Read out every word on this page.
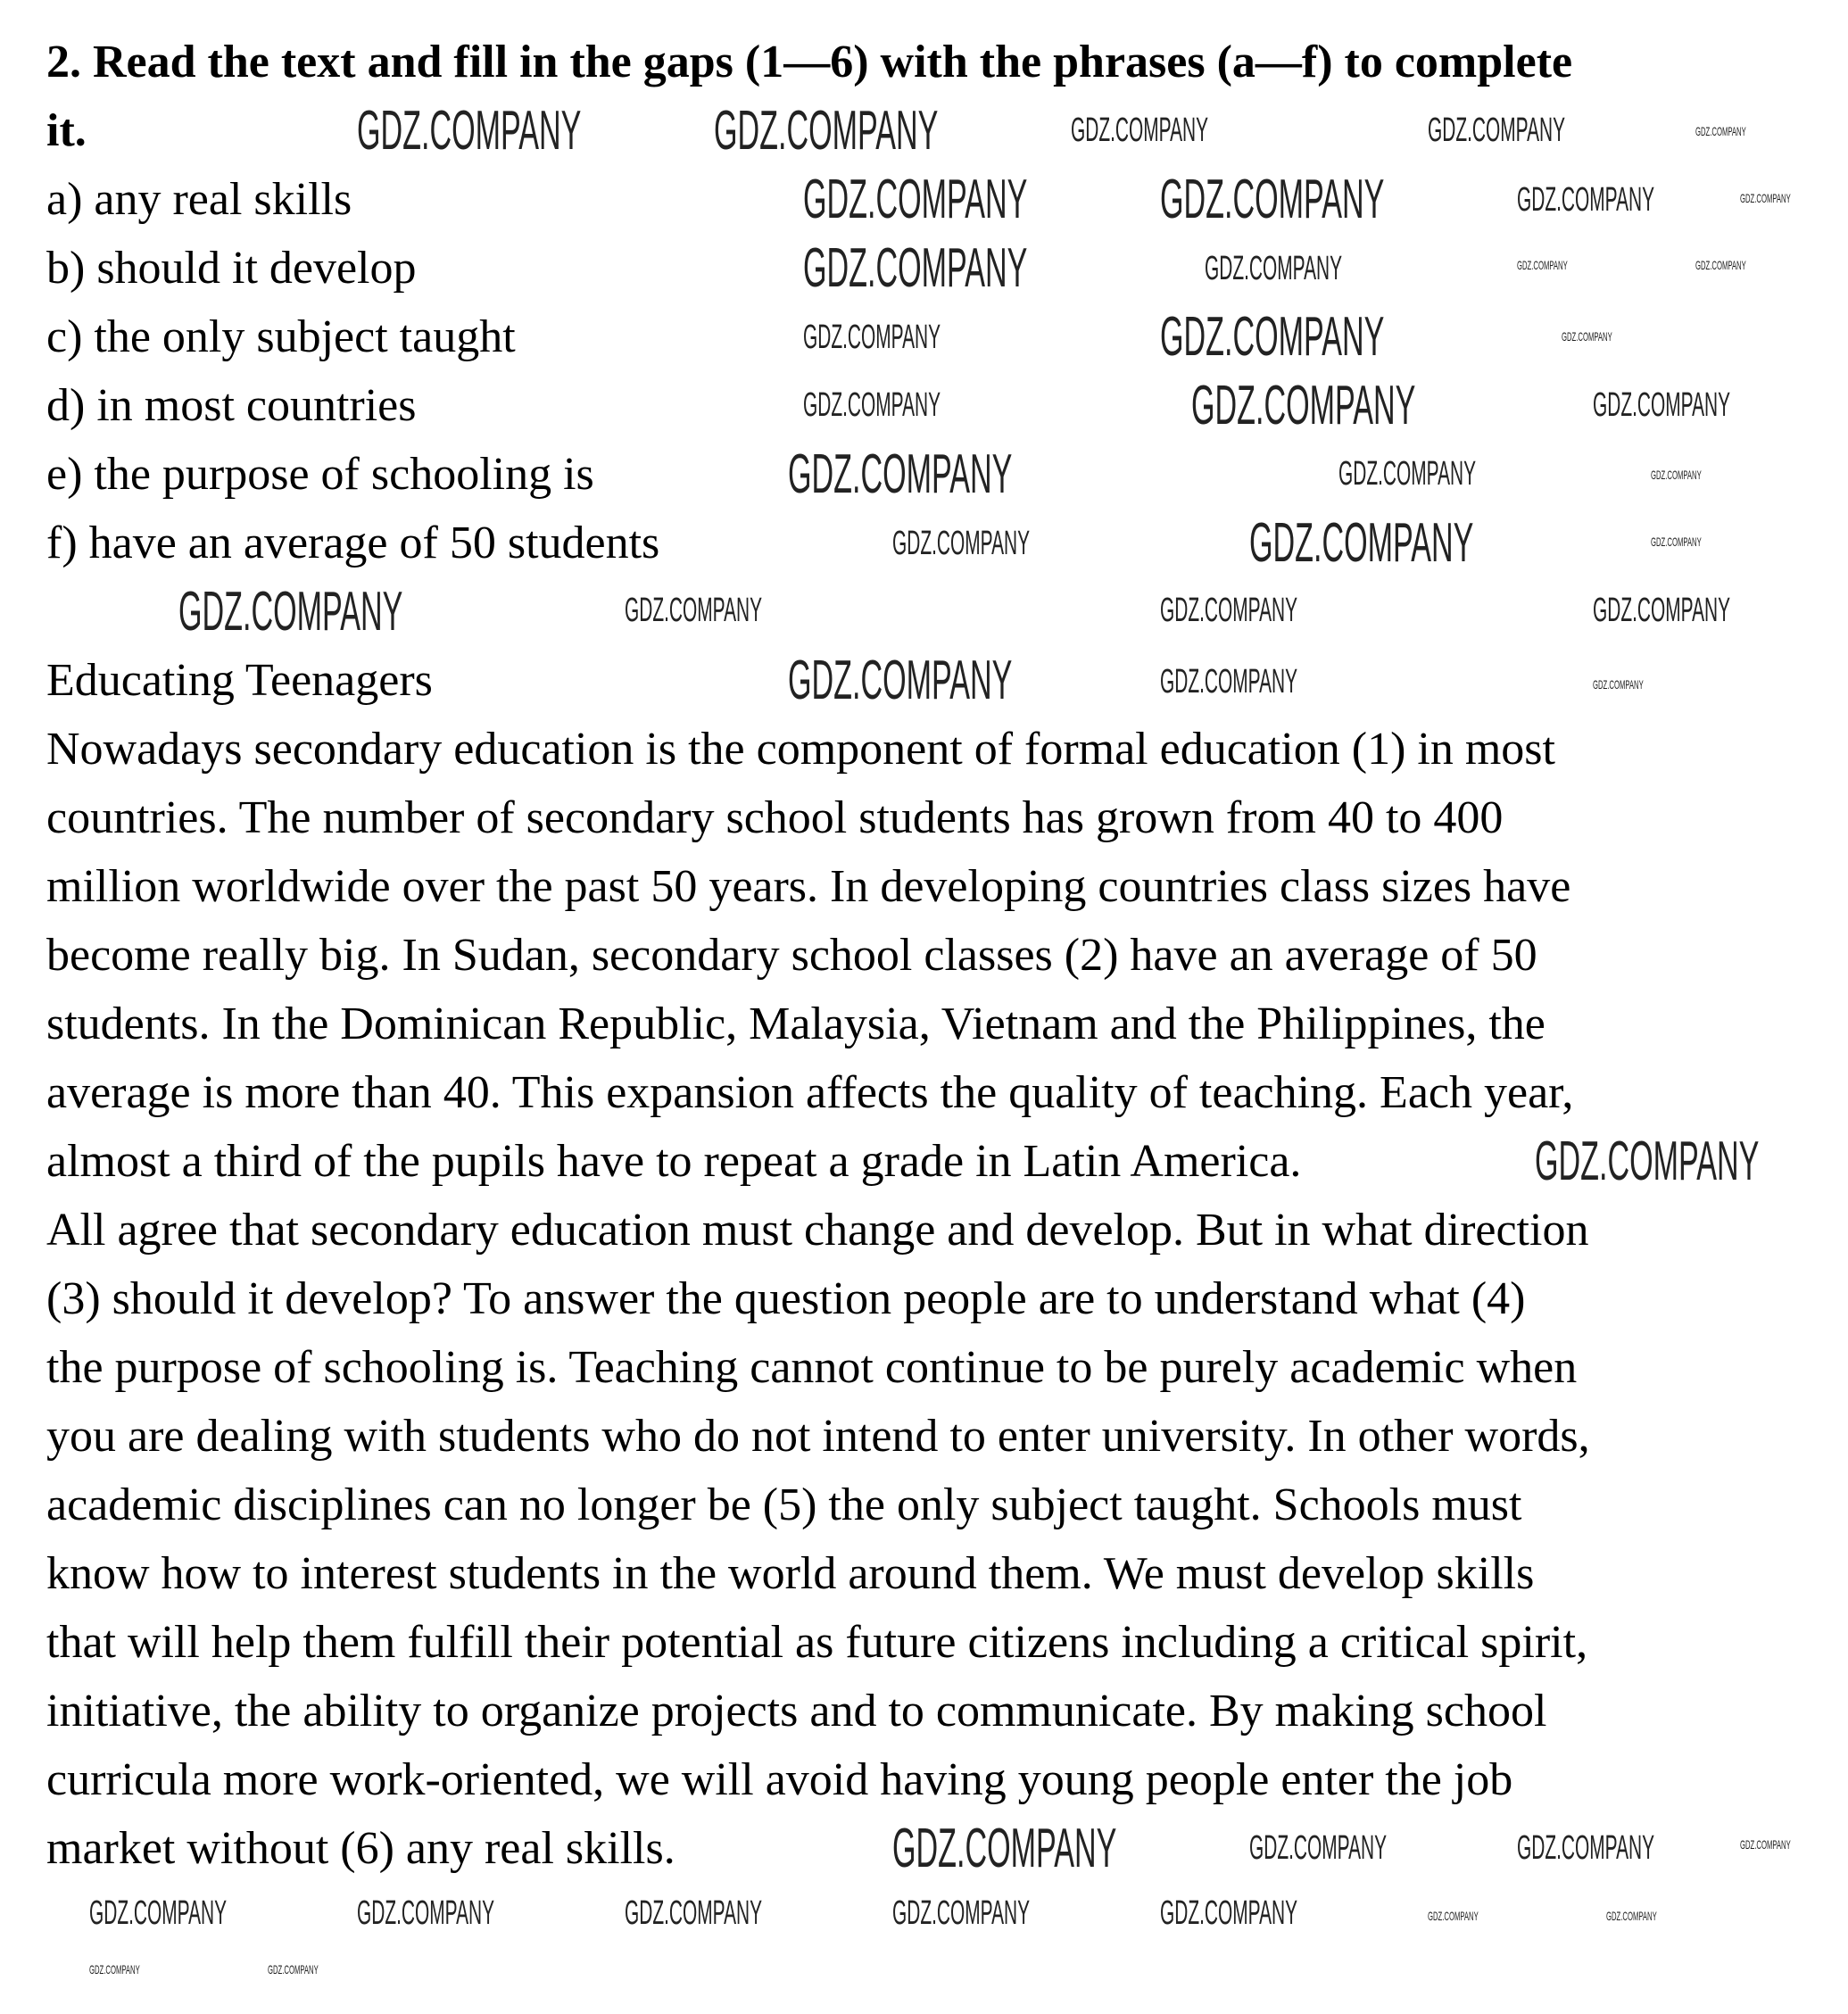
2. Read the text and fill in the gaps (1—6) with the phrases (a—f) to complete
it.
a) any real skills
b) should it develop
c) the only subject taught
d) in most countries
e) the purpose of schooling is
f) have an average of 50 students
Educating Teenagers
Nowadays secondary education is the component of formal education (1) in most
countries. The number of secondary school students has grown from 40 to 400
million worldwide over the past 50 years. In developing countries class sizes have
become really big. In Sudan, secondary school classes (2) have an average of 50
students. In the Dominican Republic, Malaysia, Vietnam and the Philippines, the
average is more than 40. This expansion affects the quality of teaching. Each year,
almost a third of the pupils have to repeat a grade in Latin America.
All agree that secondary education must change and develop. But in what direction
(3) should it develop? To answer the question people are to understand what (4)
the purpose of schooling is. Teaching cannot continue to be purely academic when
you are dealing with students who do not intend to enter university. In other words,
academic disciplines can no longer be (5) the only subject taught. Schools must
know how to interest students in the world around them. We must develop skills
that will help them fulfill their potential as future citizens including a critical spirit,
initiative, the ability to organize projects and to communicate. By making school
curricula more work-oriented, we will avoid having young people enter the job
market without (6) any real skills.
GDZ.COMPANY GDZ.COMPANY	GDZ.COMPANY	GDZ.COMPANY	GDZ.COMPANY
GDZ.COMPANY GDZ.COMPANY	GDZ.COMPANY	GDZ.COMPANY
GDZ.COMPANY	GDZ.COMPANY	GDZ.COMPANY	GDZ.COMPANY
GDZ.COMPANY	GDZ.COMPANY	GDZ.COMPANY
GDZ.COMPANY	GDZ.COMPANY	GDZ.COMPANY
GDZ.COMPANY	GDZ.COMPANY	GDZ.COMPANY
GDZ.COMPANY	GDZ.COMPANY	GDZ.COMPANY
GDZ.COMPANY	GDZ.COMPANY	GDZ.COMPANY	GDZ.COMPANY
GDZ.COMPANY	GDZ.COMPANY	GDZ.COMPANY
GDZ.COMPANY
GDZ.COMPANY	GDZ.COMPANY	GDZ.COMPANY	GDZ.COMPANY
GDZ.COMPANY	GDZ.COMPANY	GDZ.COMPANY	GDZ.COMPANY	GDZ.COMPANY	GDZ.COMPANY	GDZ.COMPANY
GDZ.COMPANY	GDZ.COMPANY
